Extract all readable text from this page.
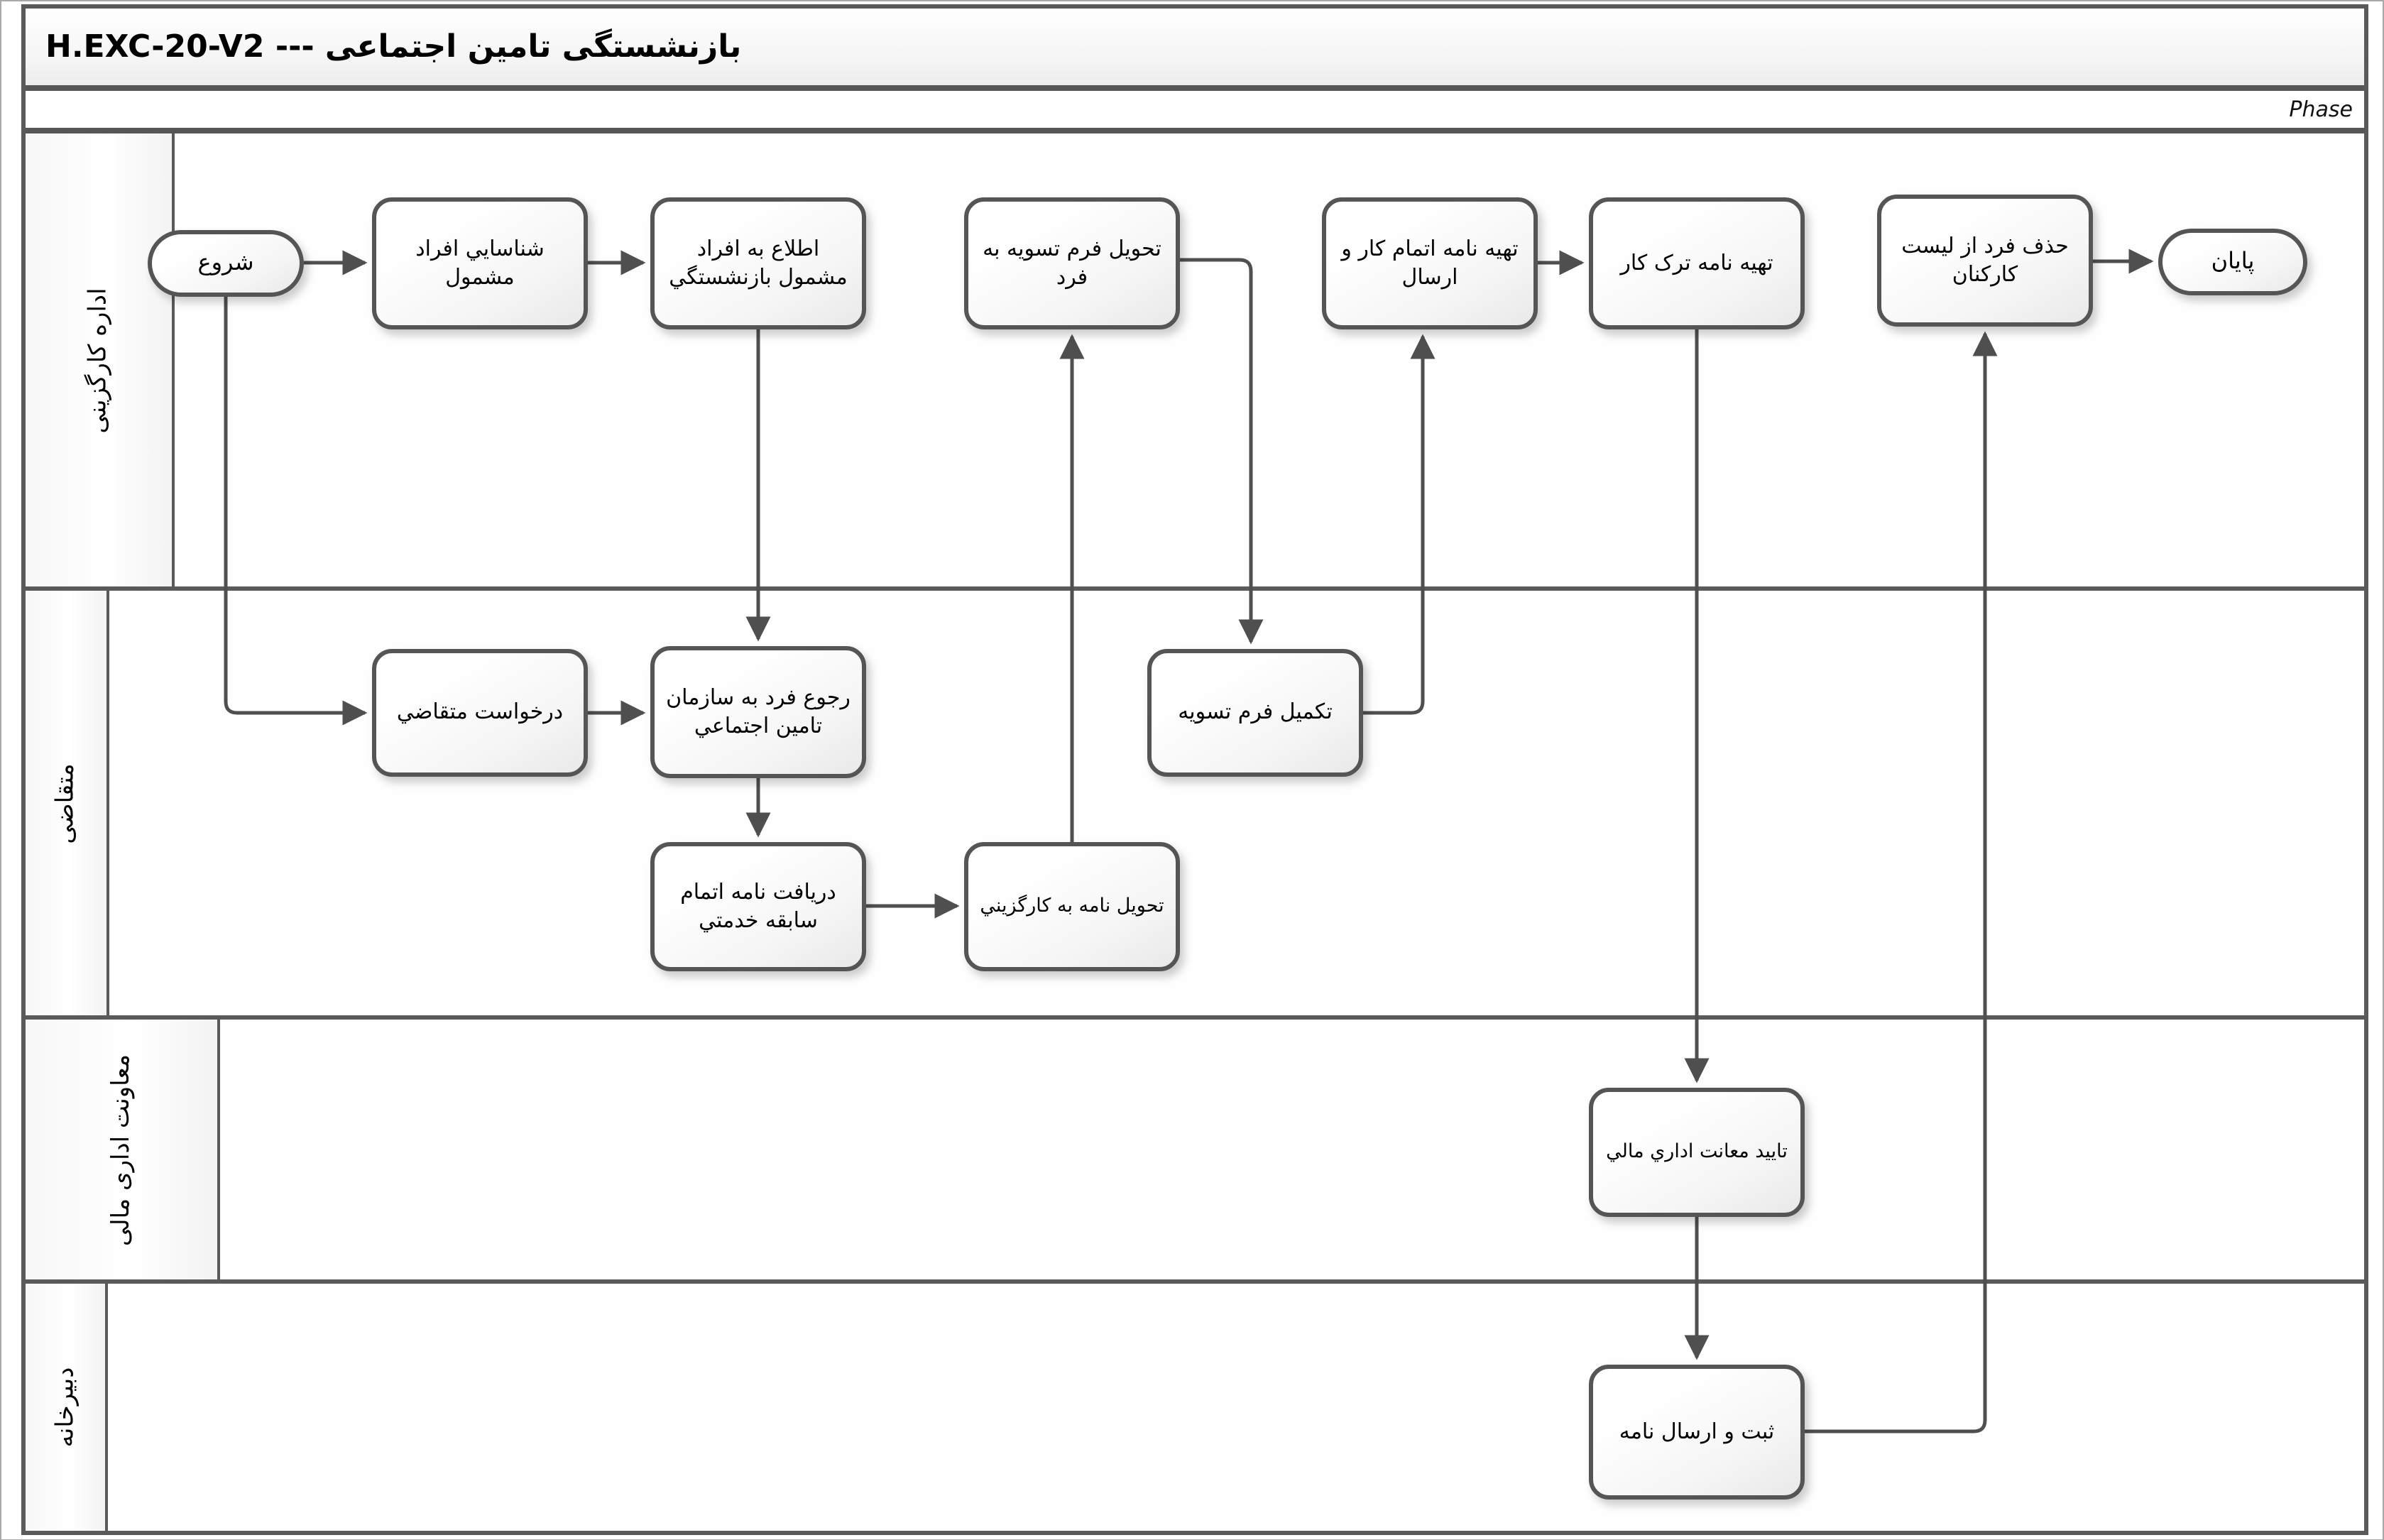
بازنشستگی تامین اجتماعی --- H.EXC-20-V2
Phase
اداره کارگزینی
متقاضی
معاونت اداری مالی
دبیرخانه
شروع
شناسايي افراد مشمول
اطلاع به افراد مشمول بازنشستگي
تحويل فرم تسويه به فرد
تهيه نامه اتمام کار و ارسال
تهيه نامه ترک کار
حذف فرد از ليست کارکنان	پایان
درخواست متقاضي
رجوع فرد به سازمان تامين اجتماعي
دريافت نامه اتمام سابقه خدمتي
تحويل نامه به کارگزيني
تکميل فرم تسويه
تاييد معانت اداري مالي
ثبت و ارسال نامه
